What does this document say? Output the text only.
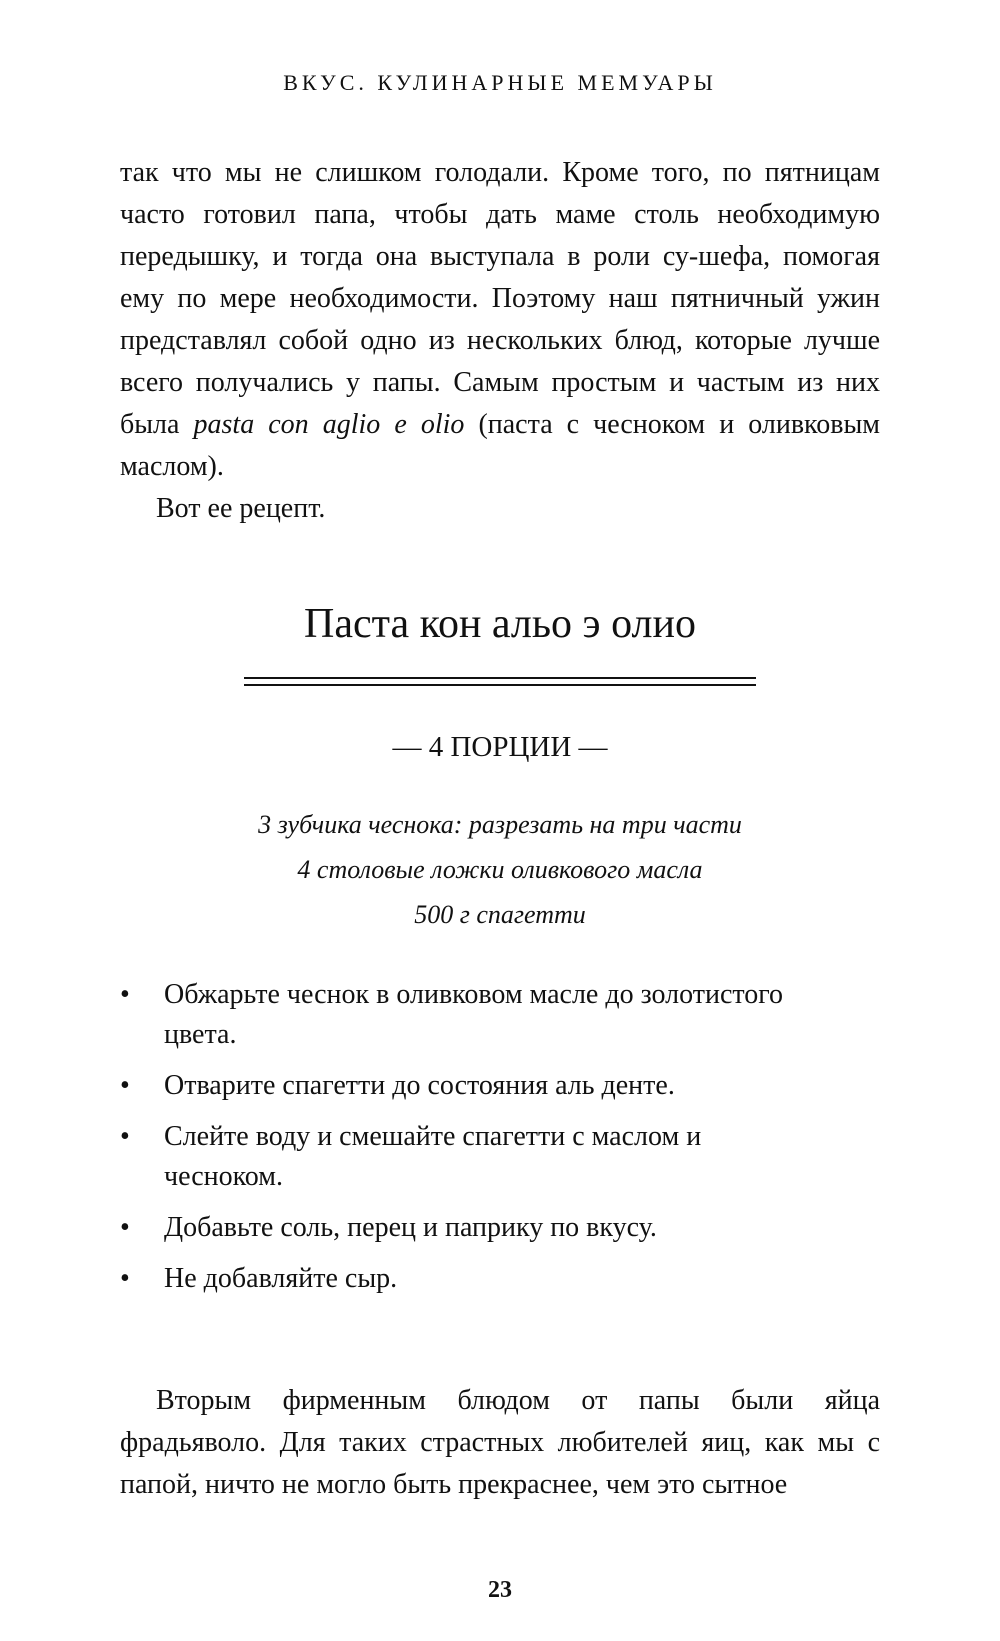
ВКУС. КУЛИНАРНЫЕ МЕМУАРЫ

так что мы не слишком голодали. Кроме того, по пятницам часто готовил папа, чтобы дать маме столь необходимую передышку, и тогда она выступала в роли су-шефа, помогая ему по мере необходимости. Поэтому наш пятничный ужин представлял собой одно из нескольких блюд, которые лучше всего получались у папы. Самым простым и частым из них была pasta con aglio e olio (паста с чесноком и оливковым маслом).

Вот ее рецепт.

Паста кон альо э олио
— 4 ПОРЦИИ —
3 зубчика чеснока: разрезать на три части
4 столовые ложки оливкового масла
500 г спагетти
• Обжарьте чеснок в оливковом масле до золотистого цвета.
• Отварите спагетти до состояния аль денте.
• Слейте воду и смешайте спагетти с маслом и чесноком.
• Добавьте соль, перец и паприку по вкусу.
• Не добавляйте сыр.

Вторым фирменным блюдом от папы были яйца фрадьяволо. Для таких страстных любителей яиц, как мы с папой, ничто не могло быть прекраснее, чем это сытное

23
